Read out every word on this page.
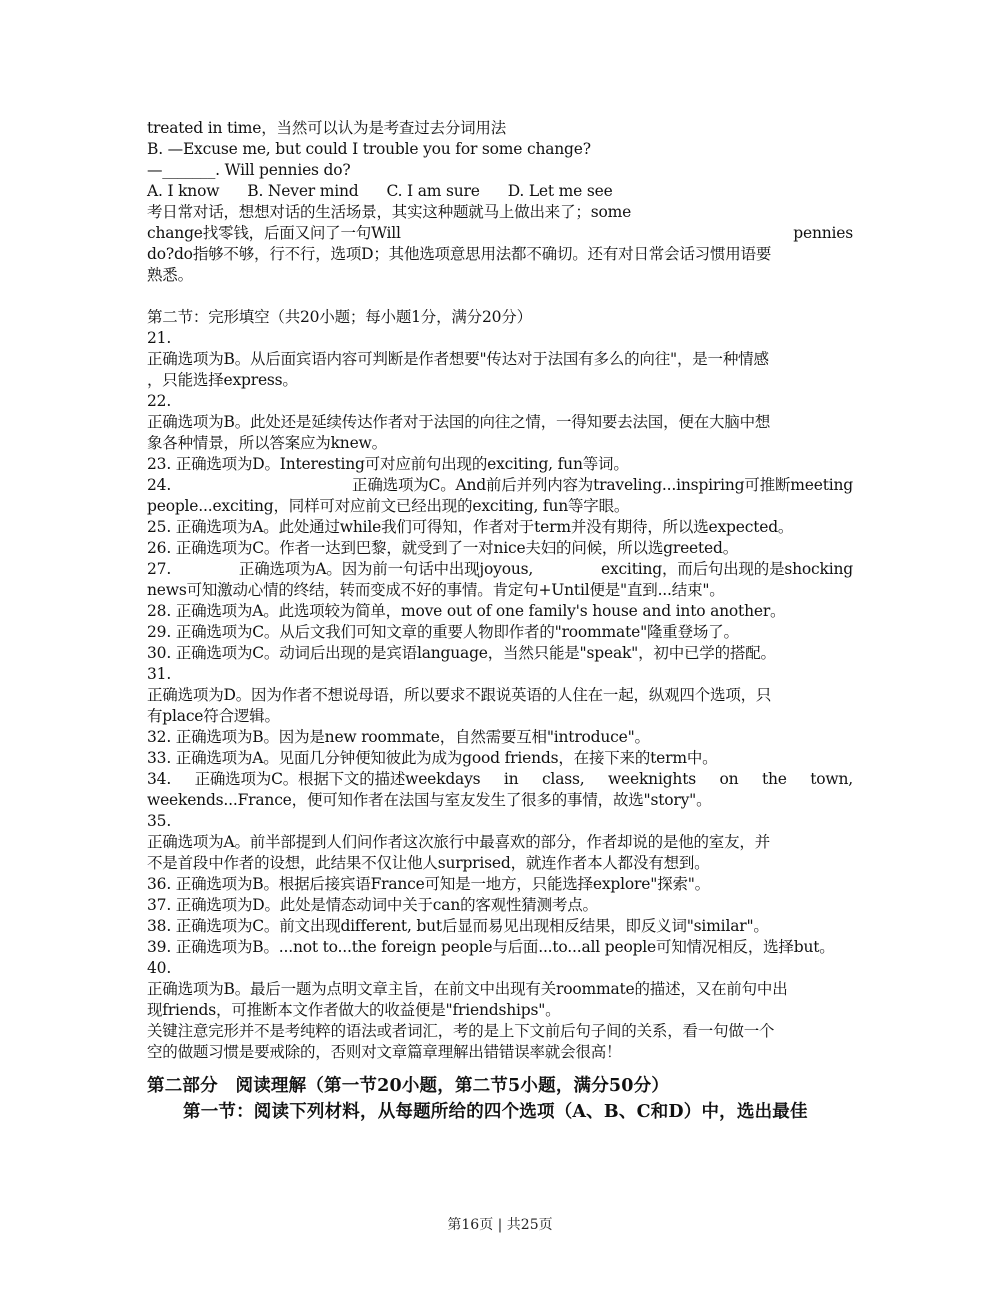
treated in time，当然可以认为是考查过去分词用法
B. —Excuse me, but could I trouble you for some change?
—_______. Will pennies do?
A. I know B. Never mind C. I am sure D. Let me see
考日常对话，想想对话的生活场景，其实这种题就马上做出来了；some
change找零钱，后面又问了一句Will	pennies
do?do指够不够，行不行，选项D；其他选项意思用法都不确切。还有对日常会话习惯用语要
熟悉。
第二节：完形填空（共20小题；每小题1分，满分20分）
21.
正确选项为B。从后面宾语内容可判断是作者想要"传达对于法国有多么的向往"，是一种情感
，只能选择express。
22.
正确选项为B。此处还是延续传达作者对于法国的向往之情，一得知要去法国，便在大脑中想
象各种情景，所以答案应为knew。
23. 正确选项为D。Interesting可对应前句出现的exciting, fun等词。
24.	正确选项为C。And前后并列内容为traveling...inspiring可推断meeting
people...exciting，同样可对应前文已经出现的exciting, fun等字眼。
25. 正确选项为A。此处通过while我们可得知，作者对于term并没有期待，所以选expected。
26. 正确选项为C。作者一达到巴黎，就受到了一对nice夫妇的问候，所以选greeted。
27.	正确选项为A。因为前一句话中出现joyous,	exciting，而后句出现的是shocking
news可知激动心情的终结，转而变成不好的事情。肯定句+Until便是"直到...结束"。
28. 正确选项为A。此选项较为简单，move out of one family's house and into another。
29. 正确选项为C。从后文我们可知文章的重要人物即作者的"roommate"隆重登场了。
30. 正确选项为C。动词后出现的是宾语language，当然只能是"speak"，初中已学的搭配。
31.
正确选项为D。因为作者不想说母语，所以要求不跟说英语的人住在一起，纵观四个选项，只
有place符合逻辑。
32. 正确选项为B。因为是new roommate，自然需要互相"introduce"。
33. 正确选项为A。见面几分钟便知彼此为成为good friends，在接下来的term中。
34. 正确选项为C。根据下文的描述weekdays in class, weeknights on the town,
weekends...France，便可知作者在法国与室友发生了很多的事情，故选"story"。
35.
正确选项为A。前半部提到人们问作者这次旅行中最喜欢的部分，作者却说的是他的室友，并
不是首段中作者的设想，此结果不仅让他人surprised，就连作者本人都没有想到。
36. 正确选项为B。根据后接宾语France可知是一地方，只能选择explore"探索"。
37. 正确选项为D。此处是情态动词中关于can的客观性猜测考点。
38. 正确选项为C。前文出现different, but后显而易见出现相反结果，即反义词"similar"。
39. 正确选项为B。...not to...the foreign people与后面...to...all people可知情况相反，选择but。
40.
正确选项为B。最后一题为点明文章主旨，在前文中出现有关roommate的描述，又在前句中出
现friends，可推断本文作者做大的收益便是"friendships"。
关键注意完形并不是考纯粹的语法或者词汇，考的是上下文前后句子间的关系，看一句做一个
空的做题习惯是要戒除的，否则对文章篇章理解出错错误率就会很高！
第二部分　阅读理解（第一节20小题，第二节5小题，满分50分）
第一节：阅读下列材料，从每题所给的四个选项（A、B、C和D）中，选出最佳
第16页 | 共25页
